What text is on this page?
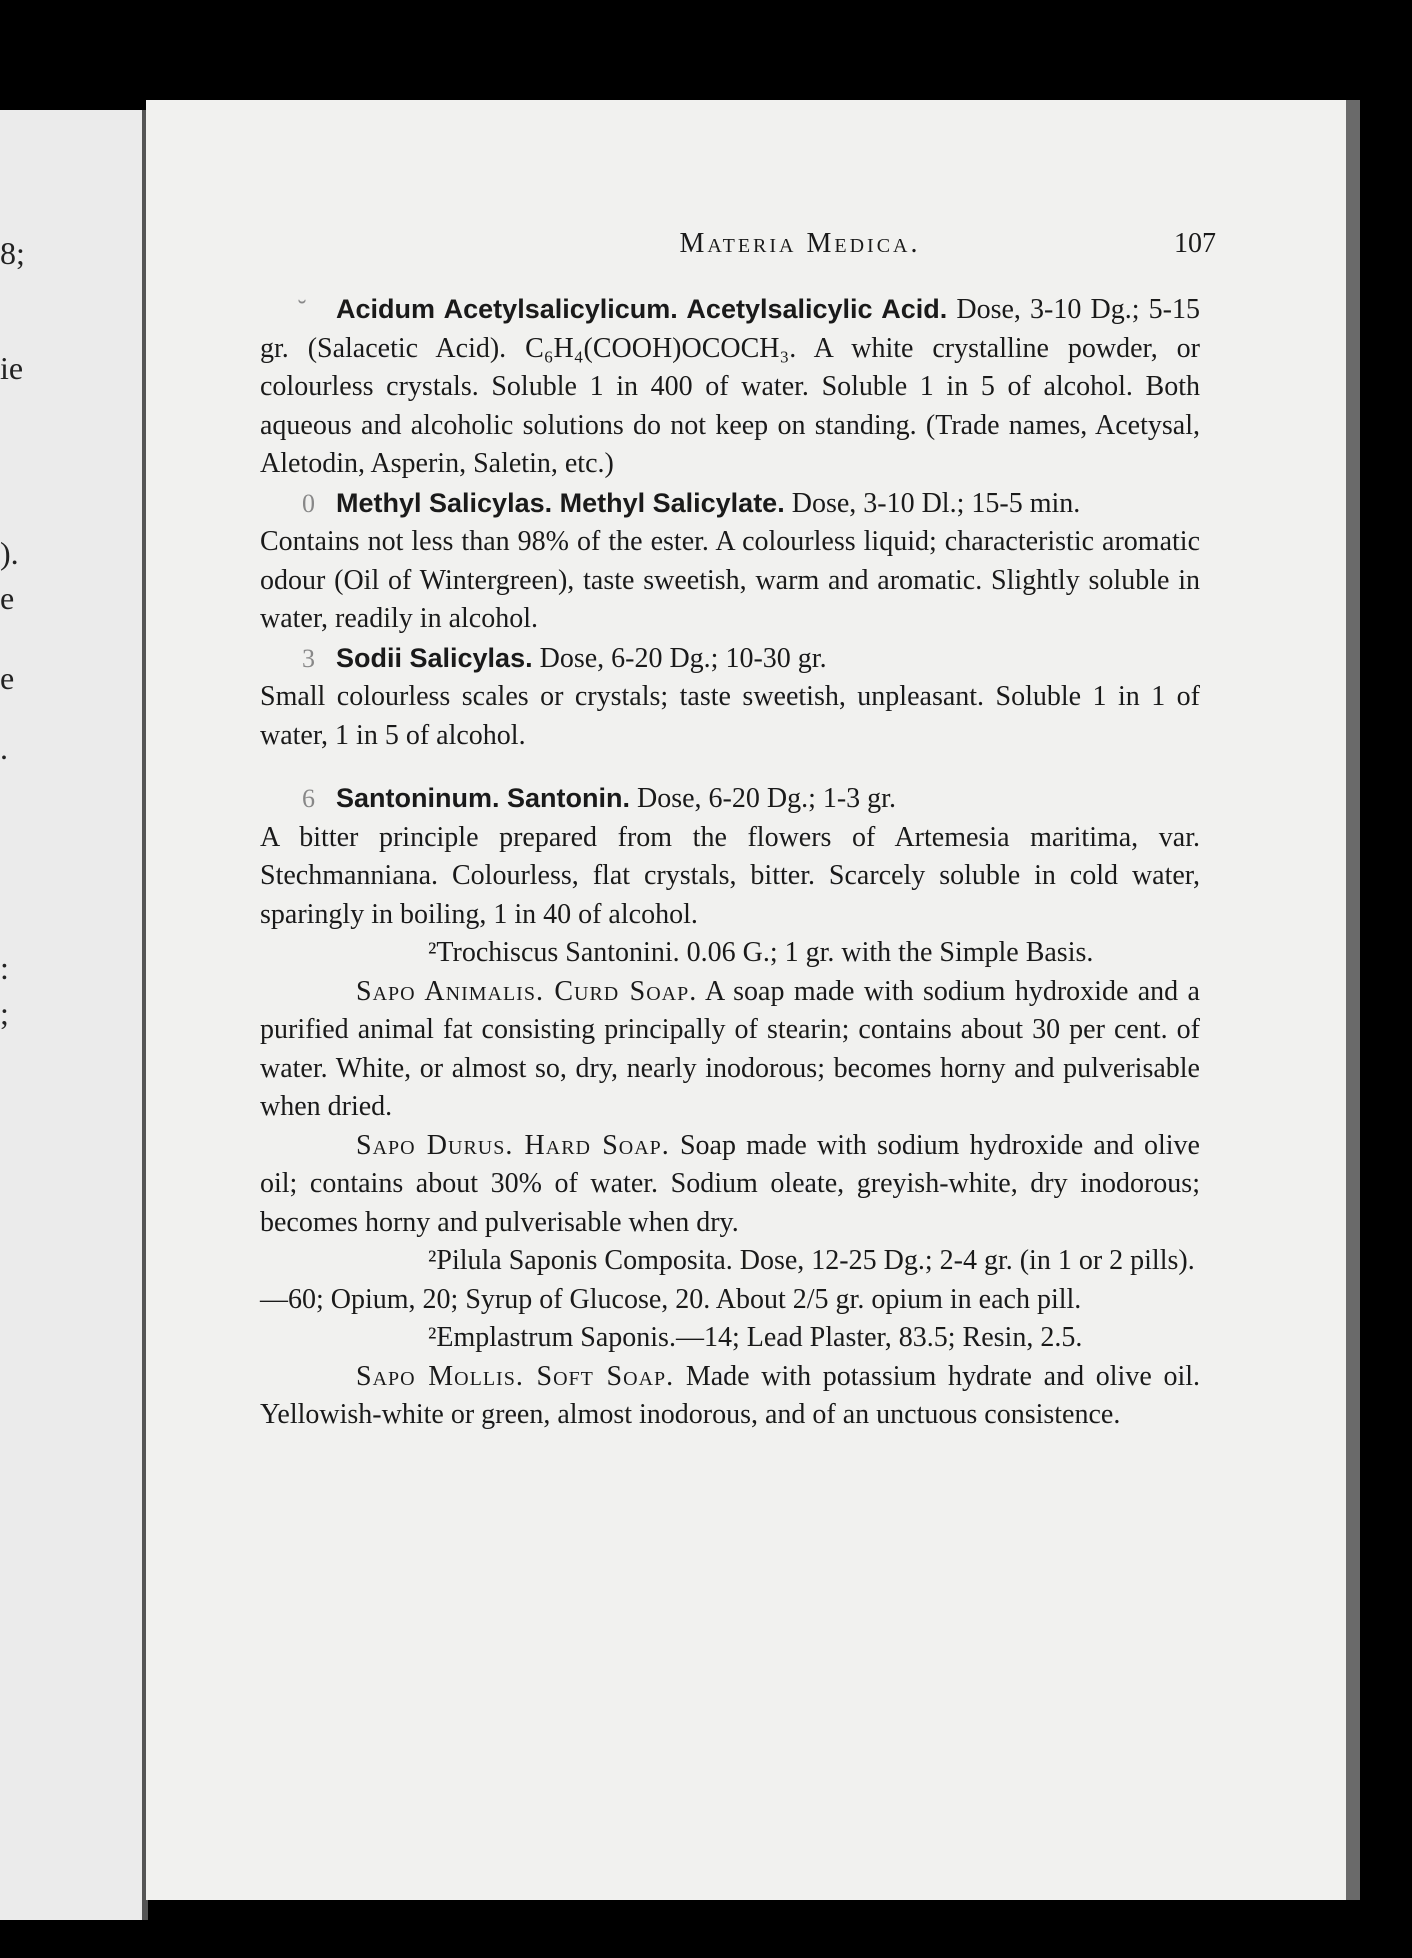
8;
ie
).
e
e
.
:
;
Materia Medica.	107

Acidum Acetylsalicylicum. Acetylsalicylic Acid. Dose, 3-10 Dg.; 5-15 gr. (Salacetic Acid). C₆H₄(COOH)OCOCH₃. A white crystalline powder, or colourless crystals. Soluble 1 in 400 of water. Soluble 1 in 5 of alcohol. Both aqueous and alcoholic solutions do not keep on standing. (Trade names, Acetysal, Aletodin, Asperin, Saletin, etc.)

0 Methyl Salicylas. Methyl Salicylate. Dose, 3-10 Dl.; 15-5 min.

Contains not less than 98% of the ester. A colourless liquid; characteristic aromatic odour (Oil of Wintergreen), taste sweetish, warm and aromatic. Slightly soluble in water, readily in alcohol.

3 Sodii Salicylas. Dose, 6-20 Dg.; 10-30 gr.

Small colourless scales or crystals; taste sweetish, unpleasant. Soluble 1 in 1 of water, 1 in 5 of alcohol.

6 Santoninum. Santonin. Dose, 6-20 Dg.; 1-3 gr.

A bitter principle prepared from the flowers of Artemesia maritima, var. Stechmanniana. Colourless, flat crystals, bitter. Scarcely soluble in cold water, sparingly in boiling, 1 in 40 of alcohol.

²Trochiscus Santonini. 0.06 G.; 1 gr. with the Simple Basis.

Sapo Animalis. Curd Soap. A soap made with sodium hydroxide and a purified animal fat consisting principally of stearin; contains about 30 per cent. of water. White, or almost so, dry, nearly inodorous; becomes horny and pulverisable when dried.

Sapo Durus. Hard Soap. Soap made with sodium hydroxide and olive oil; contains about 30% of water. Sodium oleate, greyish-white, dry inodorous; becomes horny and pulverisable when dry.

²Pilula Saponis Composita. Dose, 12-25 Dg.; 2-4 gr. (in 1 or 2 pills).

—60; Opium, 20; Syrup of Glucose, 20. About 2/5 gr. opium in each pill.

²Emplastrum Saponis.—14; Lead Plaster, 83.5; Resin, 2.5.

Sapo Mollis. Soft Soap. Made with potassium hydrate and olive oil. Yellowish-white or green, almost inodorous, and of an unctuous consistence.
